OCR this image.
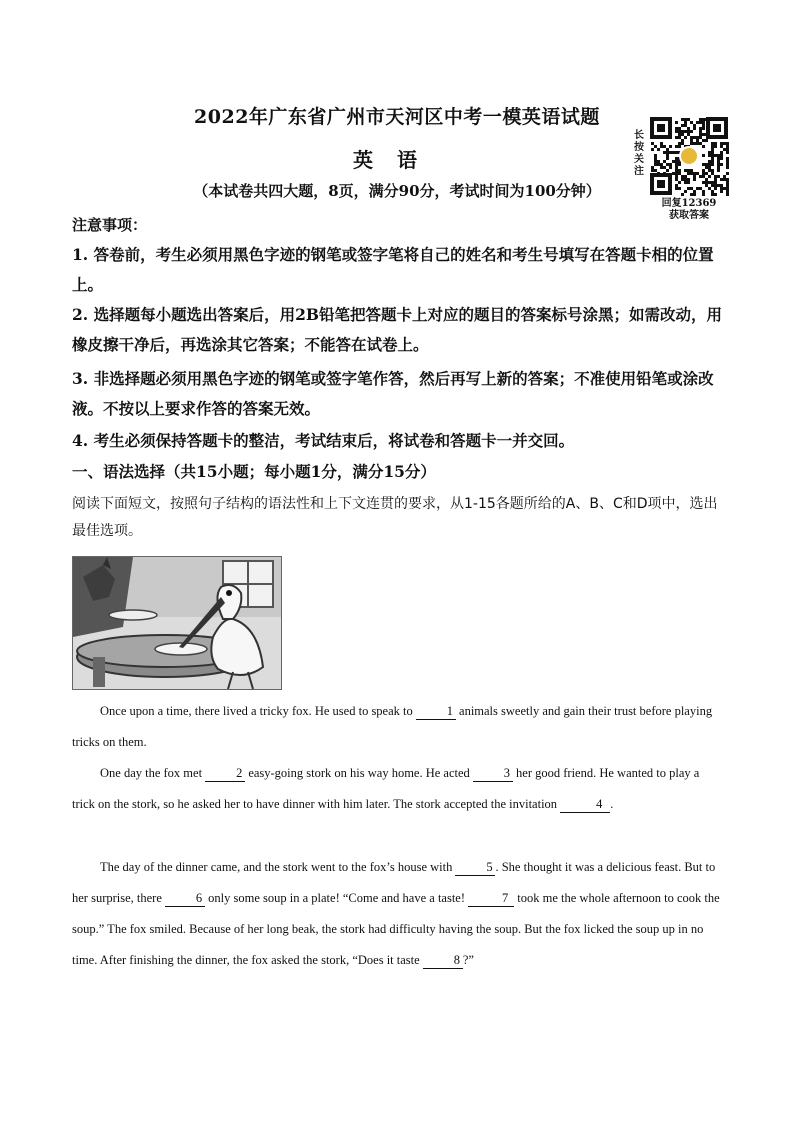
2022年广东省广州市天河区中考一模英语试题
英语
（本试卷共四大题，8页，满分90分，考试时间为100分钟）
长
按
关
注
回复12369
获取答案
注意事项：
1. 答卷前，考生必须用黑色字迹的钢笔或签字笔将自己的姓名和考生号填写在答题卡相的位置上。
2. 选择题每小题选出答案后，用2B铅笔把答题卡上对应的题目的答案标号涂黑；如需改动，用橡皮擦干净后，再选涂其它答案；不能答在试卷上。
3. 非选择题必须用黑色字迹的钢笔或签字笔作答，然后再写上新的答案；不准使用铅笔或涂改液。不按以上要求作答的答案无效。
4. 考生必须保持答题卡的整洁，考试结束后，将试卷和答题卡一并交回。
一、语法选择（共15小题；每小题1分，满分15分）
阅读下面短文，按照句子结构的语法性和上下文连贯的要求，从1-15各题所给的A、B、C和D项中，选出最佳选项。

Once upon a time, there lived a tricky fox. He used to speak to 1 animals sweetly and gain their trust before playing tricks on them.

One day the fox met 2 easy-going stork on his way home. He acted 3 her good friend. He wanted to play a trick on the stork, so he asked her to have dinner with him later. The stork accepted the invitation	4 .

The day of the dinner came, and the stork went to the fox’s house with 5 . She thought it was a delicious feast. But to her surprise, there 6 only some soup in a plate! “Come and have a taste!	7 took me the whole afternoon to cook the soup.” The fox smiled. Because of her long beak, the stork had difficulty having the soup. But the fox licked the soup up in no time. After finishing the dinner, the fox asked the stork, “Does it taste 8 ?”
